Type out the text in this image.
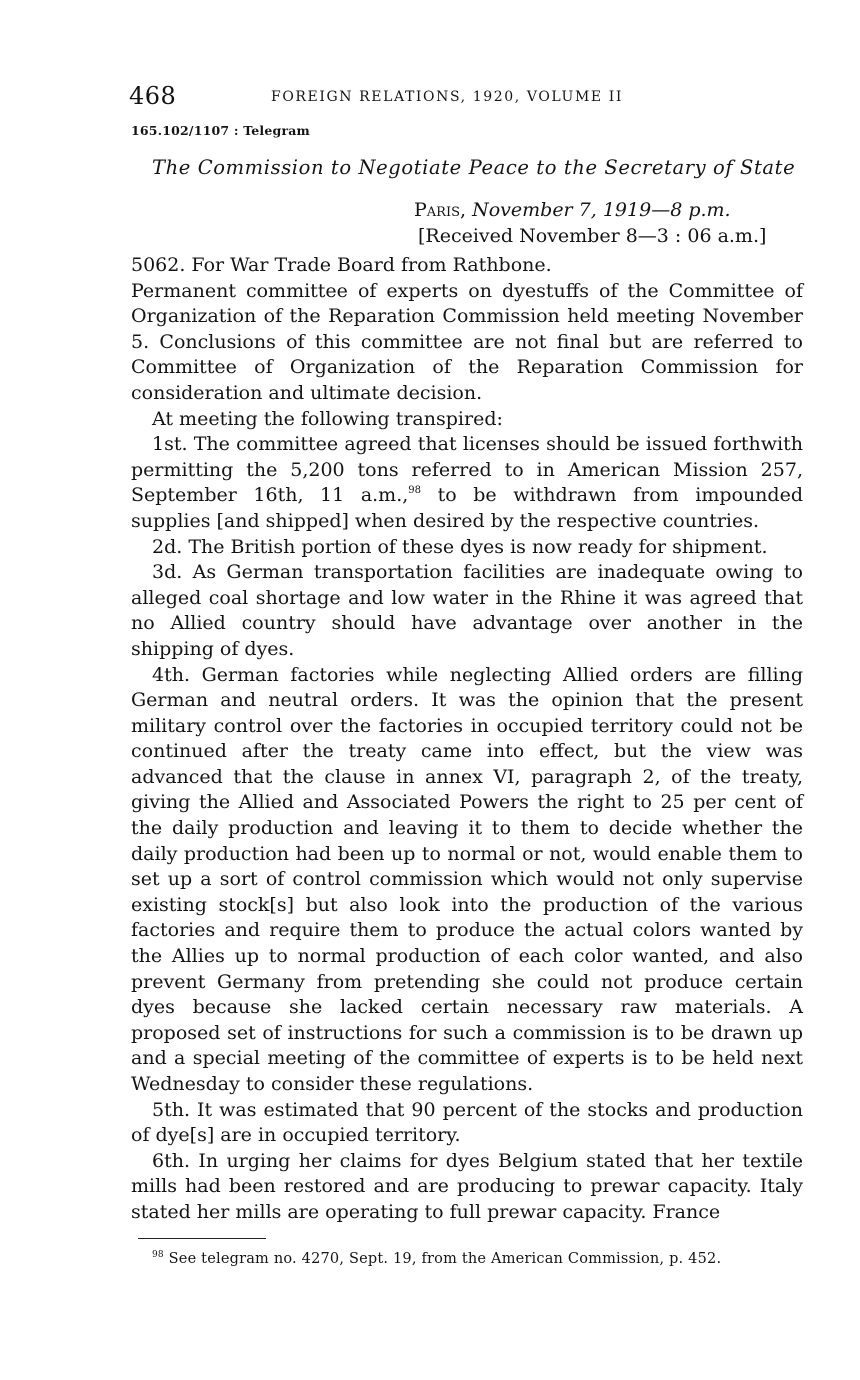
468	FOREIGN RELATIONS, 1920, VOLUME II
165.102/1107 : Telegram
The Commission to Negotiate Peace to the Secretary of State
Paris, November 7, 1919—8 p.m.
[Received November 8—3 : 06 a.m.]

5062. For War Trade Board from Rathbone.

Permanent committee of experts on dyestuffs of the Committee of Organization of the Reparation Commission held meeting November 5. Conclusions of this committee are not final but are referred to Committee of Organization of the Reparation Commission for consideration and ultimate decision.

At meeting the following transpired:

1st. The committee agreed that licenses should be issued forthwith permitting the 5,200 tons referred to in American Mission 257, September 16th, 11 a.m.,$^{98}$ to be withdrawn from impounded supplies [and shipped] when desired by the respective countries.

2d. The British portion of these dyes is now ready for shipment.

3d. As German transportation facilities are inadequate owing to alleged coal shortage and low water in the Rhine it was agreed that no Allied country should have advantage over another in the shipping of dyes.

4th. German factories while neglecting Allied orders are filling German and neutral orders. It was the opinion that the present military control over the factories in occupied territory could not be continued after the treaty came into effect, but the view was advanced that the clause in annex VI, paragraph 2, of the treaty, giving the Allied and Associated Powers the right to 25 per cent of the daily production and leaving it to them to decide whether the daily production had been up to normal or not, would enable them to set up a sort of control commission which would not only supervise existing stock[s] but also look into the production of the various factories and require them to produce the actual colors wanted by the Allies up to normal production of each color wanted, and also prevent Germany from pretending she could not produce certain dyes because she lacked certain necessary raw materials. A proposed set of instructions for such a commission is to be drawn up and a special meeting of the committee of experts is to be held next Wednesday to consider these regulations.

5th. It was estimated that 90 percent of the stocks and production of dye[s] are in occupied territory.

6th. In urging her claims for dyes Belgium stated that her textile mills had been restored and are producing to prewar capacity. Italy stated her mills are operating to full prewar capacity. France

$^{98}$ See telegram no. 4270, Sept. 19, from the American Commission, p. 452.
